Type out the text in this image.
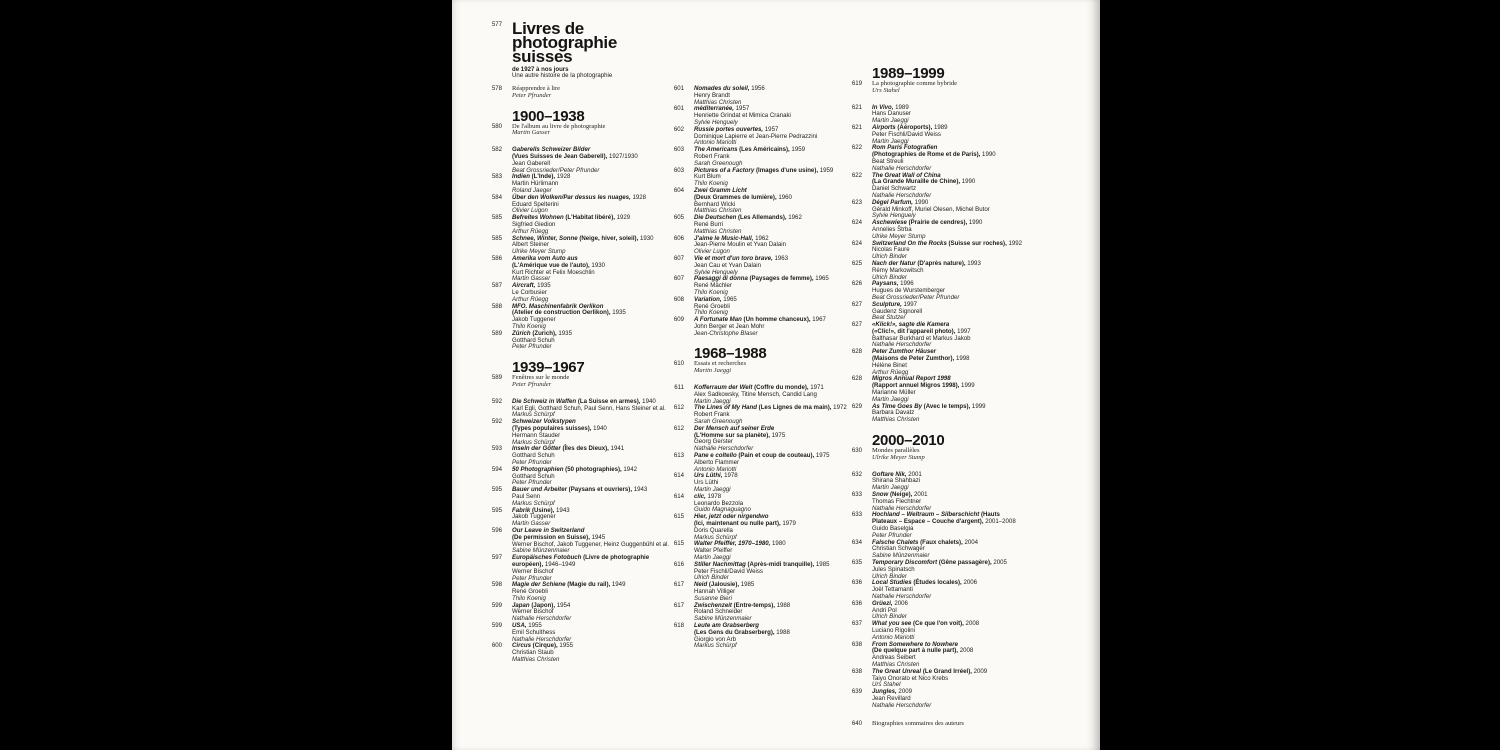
577 Livres de
photographie
suisses
de 1927 à nos jours
Une autre histoire de la photographie
578 Réapprendre à lire
Peter Pfrunder
1900–1938
580 De l'album au livre de photographie
Martin Gasser
582 Gaberells Schweizer Bilder
(Vues Suisses de Jean Gaberell), 1927/1930
Jean Gaberell
Beat Grossrieder/Peter Pfrunder
583 Indien (L'Inde), 1928
Martin Hürlimann
Roland Jaeger
584 Über den Wolken/Par dessus les nuages, 1928
Eduard Spelterini
Olivier Lugon
585 Befreites Wohnen (L'Habitat libéré), 1929
Sigfried Giedion
Arthur Rüegg
585 Schnee, Winter, Sonne (Neige, hiver, soleil), 1930
Albert Steiner
Ulrike Meyer Stump
586 Amerika vom Auto aus
(L'Amérique vue de l'auto), 1930
Kurt Richter et Felix Moeschlin
Martin Gasser
587 Aircraft, 1935
Le Corbusier
Arthur Rüegg
588 MFO. Maschinenfabrik Oerlikon
(Atelier de construction Oerlikon), 1935
Jakob Tuggener
Thilo Koenig
589 Zürich (Zurich), 1935
Gotthard Schuh
Peter Pfrunder
1939–1967
589 Fenêtres sur le monde
Peter Pfrunder
592 Die Schweiz in Waffen (La Suisse en armes), 1940
Karl Egli, Gotthard Schuh, Paul Senn, Hans Steiner et al.
Markus Schürpf
592 Schweizer Volkstypen
(Types populaires suisses), 1940
Hermann Stauder
Markus Schürpf
593 Inseln der Götter (Îles des Dieux), 1941
Gotthard Schuh
Peter Pfrunder
594 50 Photographien (50 photographies), 1942
Gotthard Schuh
Peter Pfrunder
595 Bauer und Arbeiter (Paysans et ouvriers), 1943
Paul Senn
Markus Schürpf
595 Fabrik (Usine), 1943
Jakob Tuggener
Martin Gasser
596 Our Leave in Switzerland
(De permission en Suisse), 1945
Werner Bischof, Jakob Tuggener, Heinz Guggenbühl et al.
Sabine Münzenmaier
597 Europäisches Fotobuch (Livre de photographie
européen), 1946–1949
Werner Bischof
Peter Pfrunder
598 Magie der Schiene (Magie du rail), 1949
René Groebli
Thilo Koenig
599 Japan (Japon), 1954
Werner Bischof
Nathalie Herschdorfer
599 USA, 1955
Emil Schulthess
Nathalie Herschdorfer
600 Circus (Cirque), 1955
Christian Staub
Matthias Christen
601 Nomades du soleil, 1956
Henry Brandt
Matthias Christen
601 méditerranée, 1957
Henriette Grindat et Mimica Cranaki
Sylvie Henguely
602 Russie portes ouvertes, 1957
Dominique Lapierre et Jean-Pierre Pedrazzini
Antonio Mariotti
603 The Americans (Les Américains), 1959
Robert Frank
Sarah Greenough
603 Pictures of a Factory (Images d'une usine), 1959
Kurt Blum
Thilo Koenig
604 Zwei Gramm Licht
(Deux Grammes de lumière), 1960
Bernhard Wicki
Matthias Christen
605 Die Deutschen (Les Allemands), 1962
René Burri
Matthias Christen
606 J'aime le Music-Hall, 1962
Jean-Pierre Moulin et Yvan Dalain
Olivier Lugon
607 Vie et mort d'un toro brave, 1963
Jean Cau et Yvan Dalain
Sylvie Henguely
607 Paesaggi di donna (Paysages de femme), 1965
René Mächler
Thilo Koenig
608 Variation, 1965
René Groebli
Thilo Koenig
609 A Fortunate Man (Un homme chanceux), 1967
John Berger et Jean Mohr
Jean-Christophe Blaser
1968–1988
610 Essais et recherches
Martin Jaeggi
611 Kofferraum der Welt (Coffre du monde), 1971
Alex Sadkowsky, Titine Mensch, Candid Lang
Martin Jaeggi
612 The Lines of My Hand (Les Lignes de ma main), 1972
Robert Frank
Sarah Greenough
612 Der Mensch auf seiner Erde
(L'Homme sur sa planète), 1975
Georg Gerster
Nathalie Herschdorfer
613 Pane e coltello (Pain et coup de couteau), 1975
Alberto Flammer
Antonio Mariotti
614 Urs Lüthi, 1978
Urs Lüthi
Martin Jaeggi
614 clic, 1978
Leonardo Bezzola
Guido Magnaguagno
615 Hier, jetzt oder nirgendwo
(Ici, maintenant ou nulle part), 1979
Doris Quarella
Markus Schürpf
615 Walter Pfeiffer, 1970–1980, 1980
Walter Pfeiffer
Martin Jaeggi
616 Stiller Nachmittag (Après-midi tranquille), 1985
Peter Fischli/David Weiss
Ulrich Binder
617 Neid (Jalousie), 1985
Hannah Villiger
Susanne Bieri
617 Zwischenzeit (Entre-temps), 1988
Roland Schneider
Sabine Münzenmaier
618 Leute am Grabserberg
(Les Gens du Grabserberg), 1988
Giorgio von Arb
Markus Schürpf
1989–1999
619 La photographie comme hybride
Urs Stahel
621 In Vivo, 1989
Hans Danuser
Martin Jaeggi
621 Airports (Aéroports), 1989
Peter Fischli/David Weiss
Martin Jaeggi
622 Rom Paris Fotografien
(Photographies de Rome et de Paris), 1990
Beat Streuli
Nathalie Herschdorfer
622 The Great Wall of China
(La Grande Muraille de Chine), 1990
Daniel Schwartz
Nathalie Herschdorfer
623 Dégel Parfum, 1990
Gérald Minkoff, Muriel Olesen, Michel Butor
Sylvie Henguely
624 Aschewiese (Prairie de cendres), 1990
Annelies Štrba
Ulrike Meyer Stump
624 Switzerland On the Rocks (Suisse sur roches), 1992
Nicolas Faure
Ulrich Binder
625 Nach der Natur (D'après nature), 1993
Rémy Markowitsch
Ulrich Binder
626 Paysans, 1996
Hugues de Wurstemberger
Beat Grossrieder/Peter Pfrunder
627 Sculpture, 1997
Gaudenz Signorell
Beat Stutzer
627 «Klick!», sagte die Kamera
(«Clic!», dit l'appareil photo), 1997
Balthasar Burkhard et Markus Jakob
Nathalie Herschdorfer
628 Peter Zumthor Häuser
(Maisons de Peter Zumthor), 1998
Hélène Binet
Arthur Rüegg
628 Migros Annual Report 1998
(Rapport annuel Migros 1998), 1999
Marianne Müller
Martin Jaeggi
629 As Time Goes By (Avec le temps), 1999
Barbara Davatz
Matthias Christen
2000–2010
630 Mondes parallèles
Ulrike Meyer Stump
632 Goftare Nik, 2001
Shirana Shahbazi
Martin Jaeggi
633 Snow (Neige), 2001
Thomas Flechtner
Nathalie Herschdorfer
633 Hochland – Weltraum – Silberschicht (Hauts
Plateaux – Espace – Couche d'argent), 2001–2008
Guido Baselgia
Peter Pfrunder
634 Falsche Chalets (Faux chalets), 2004
Christian Schwager
Sabine Münzenmaier
635 Temporary Discomfort (Gêne passagère), 2005
Jules Spinatsch
Ulrich Binder
636 Local Studies (Études locales), 2006
Joël Tettamanti
Nathalie Herschdorfer
636 Grüezi, 2006
Andri Pol
Ulrich Binder
637 What you see (Ce que l'on voit), 2008
Luciano Rigolini
Antonio Mariotti
638 From Somewhere to Nowhere
(De quelque part à nulle part), 2008
Andreas Seibert
Matthias Christen
638 The Great Unreal (Le Grand Irréel), 2009
Taiyo Onorato et Nico Krebs
Urs Stahel
639 Jungles, 2009
Jean Revillard
Nathalie Herschdorfer
640 Biographies sommaires des auteurs
